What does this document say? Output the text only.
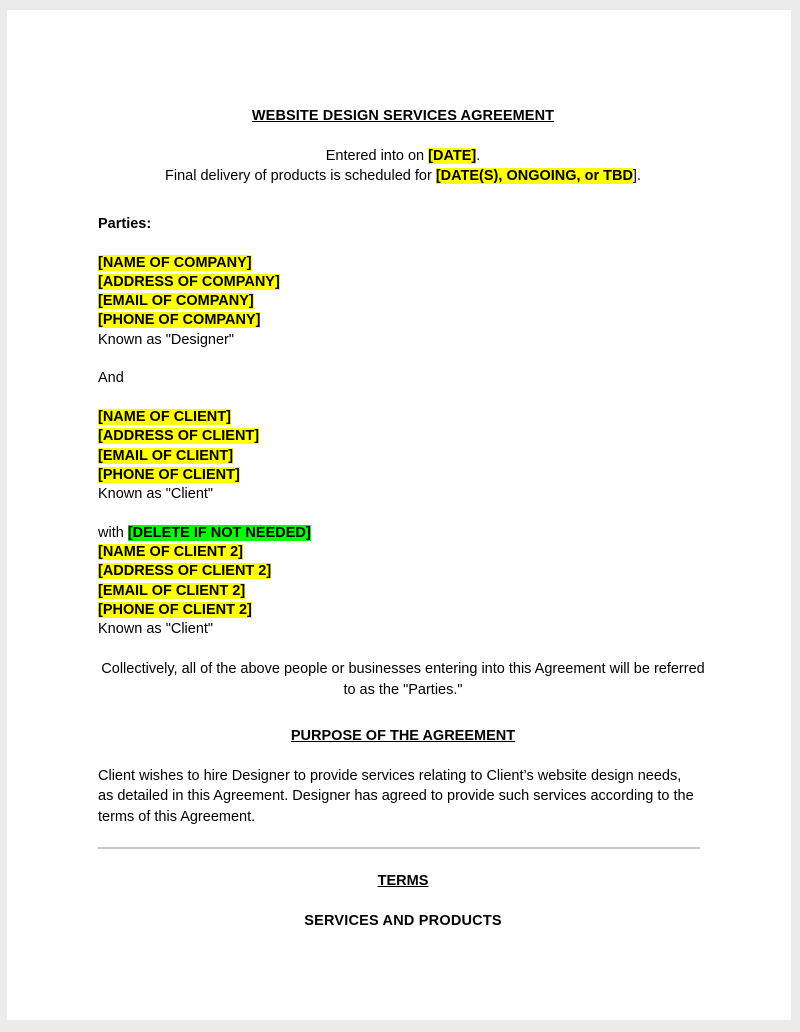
WEBSITE DESIGN SERVICES AGREEMENT
Entered into on [DATE].
Final delivery of products is scheduled for [DATE(S), ONGOING, or TBD].
Parties:
[NAME OF COMPANY]
[ADDRESS OF COMPANY]
[EMAIL OF COMPANY]
[PHONE OF COMPANY]
Known as "Designer"
And
[NAME OF CLIENT]
[ADDRESS OF CLIENT]
[EMAIL OF CLIENT]
[PHONE OF CLIENT]
Known as "Client"
with [DELETE IF NOT NEEDED]
[NAME OF CLIENT 2]
[ADDRESS OF CLIENT 2]
[EMAIL OF CLIENT 2]
[PHONE OF CLIENT 2]
Known as "Client"
Collectively, all of the above people or businesses entering into this Agreement will be referred to as the "Parties."
PURPOSE OF THE AGREEMENT
Client wishes to hire Designer to provide services relating to Client’s website design needs, as detailed in this Agreement. Designer has agreed to provide such services according to the terms of this Agreement.
TERMS
SERVICES AND PRODUCTS
